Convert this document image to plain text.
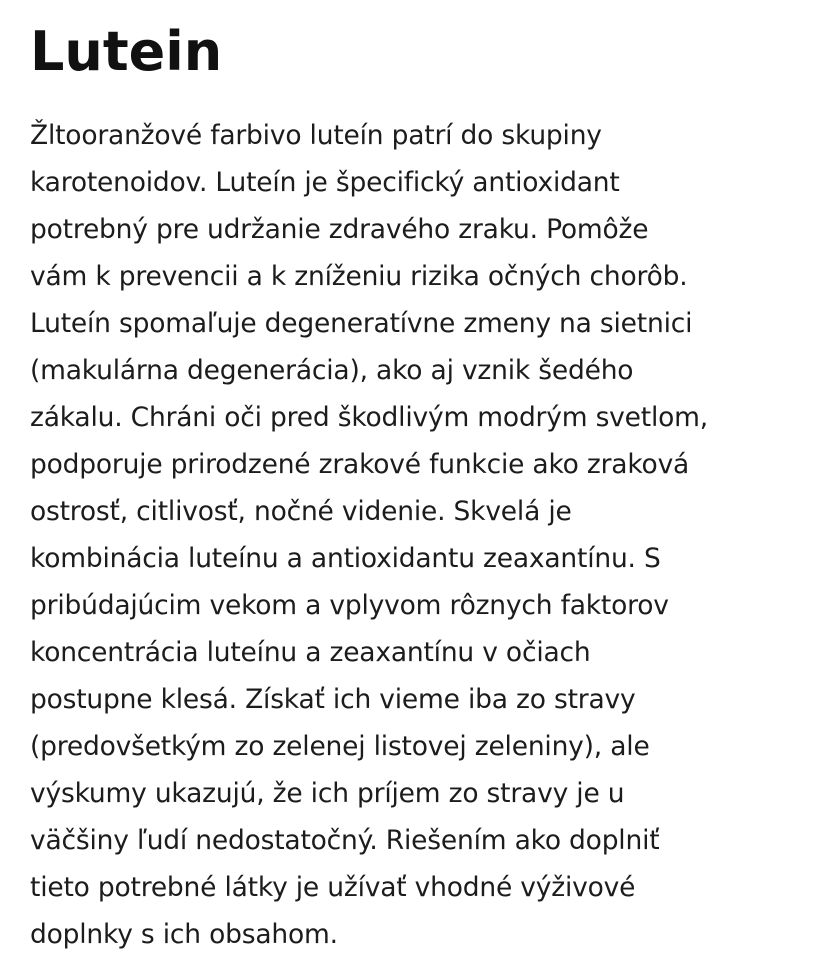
Lutein
Žltooranžové farbivo luteín patrí do skupiny
karotenoidov. Luteín je špecifický antioxidant
potrebný pre udržanie zdravého zraku. Pomôže
vám k prevencii a k zníženiu rizika očných chorôb.
Luteín spomaľuje degeneratívne zmeny na sietnici
(makulárna degenerácia), ako aj vznik šedého
zákalu. Chráni oči pred škodlivým modrým svetlom,
podporuje prirodzené zrakové funkcie ako zraková
ostrosť, citlivosť, nočné videnie. Skvelá je
kombinácia luteínu a antioxidantu zeaxantínu. S
pribúdajúcim vekom a vplyvom rôznych faktorov
koncentrácia luteínu a zeaxantínu v očiach
postupne klesá. Získať ich vieme iba zo stravy
(predovšetkým zo zelenej listovej zeleniny), ale
výskumy ukazujú, že ich príjem zo stravy je u
väčšiny ľudí nedostatočný. Riešením ako doplniť
tieto potrebné látky je užívať vhodné výživové
doplnky s ich obsahom.
